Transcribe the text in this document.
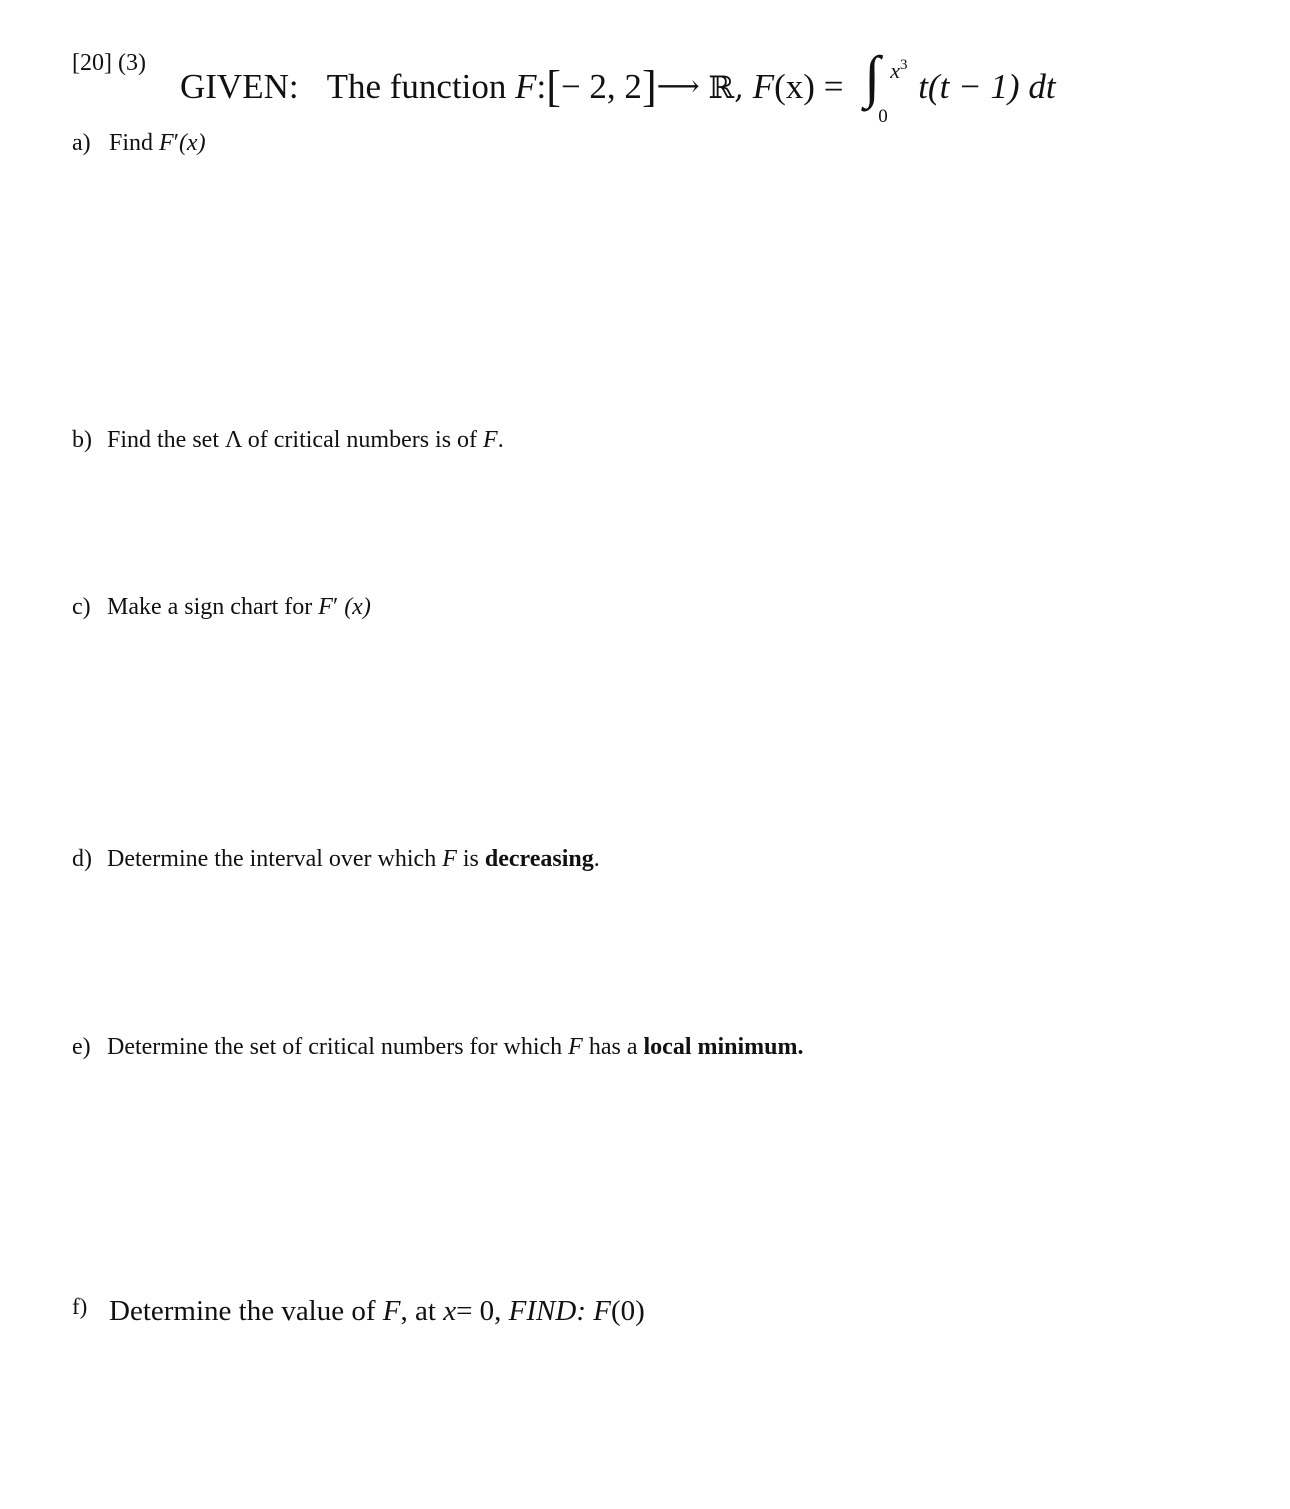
[20] (3)
GIVEN: The function F:[− 2, 2]⟶ ℝ, F(x) = ∫ $x^3$
0
t(t − 1) dt
a) Find F′(x)
b) Find the set Λ of critical numbers is of F.
c) Make a sign chart for F′ (x)
d) Determine the interval over which F is decreasing.
e) Determine the set of critical numbers for which F has a local minimum.
f) Determine the value of F, at x= 0, FIND: F(0)
